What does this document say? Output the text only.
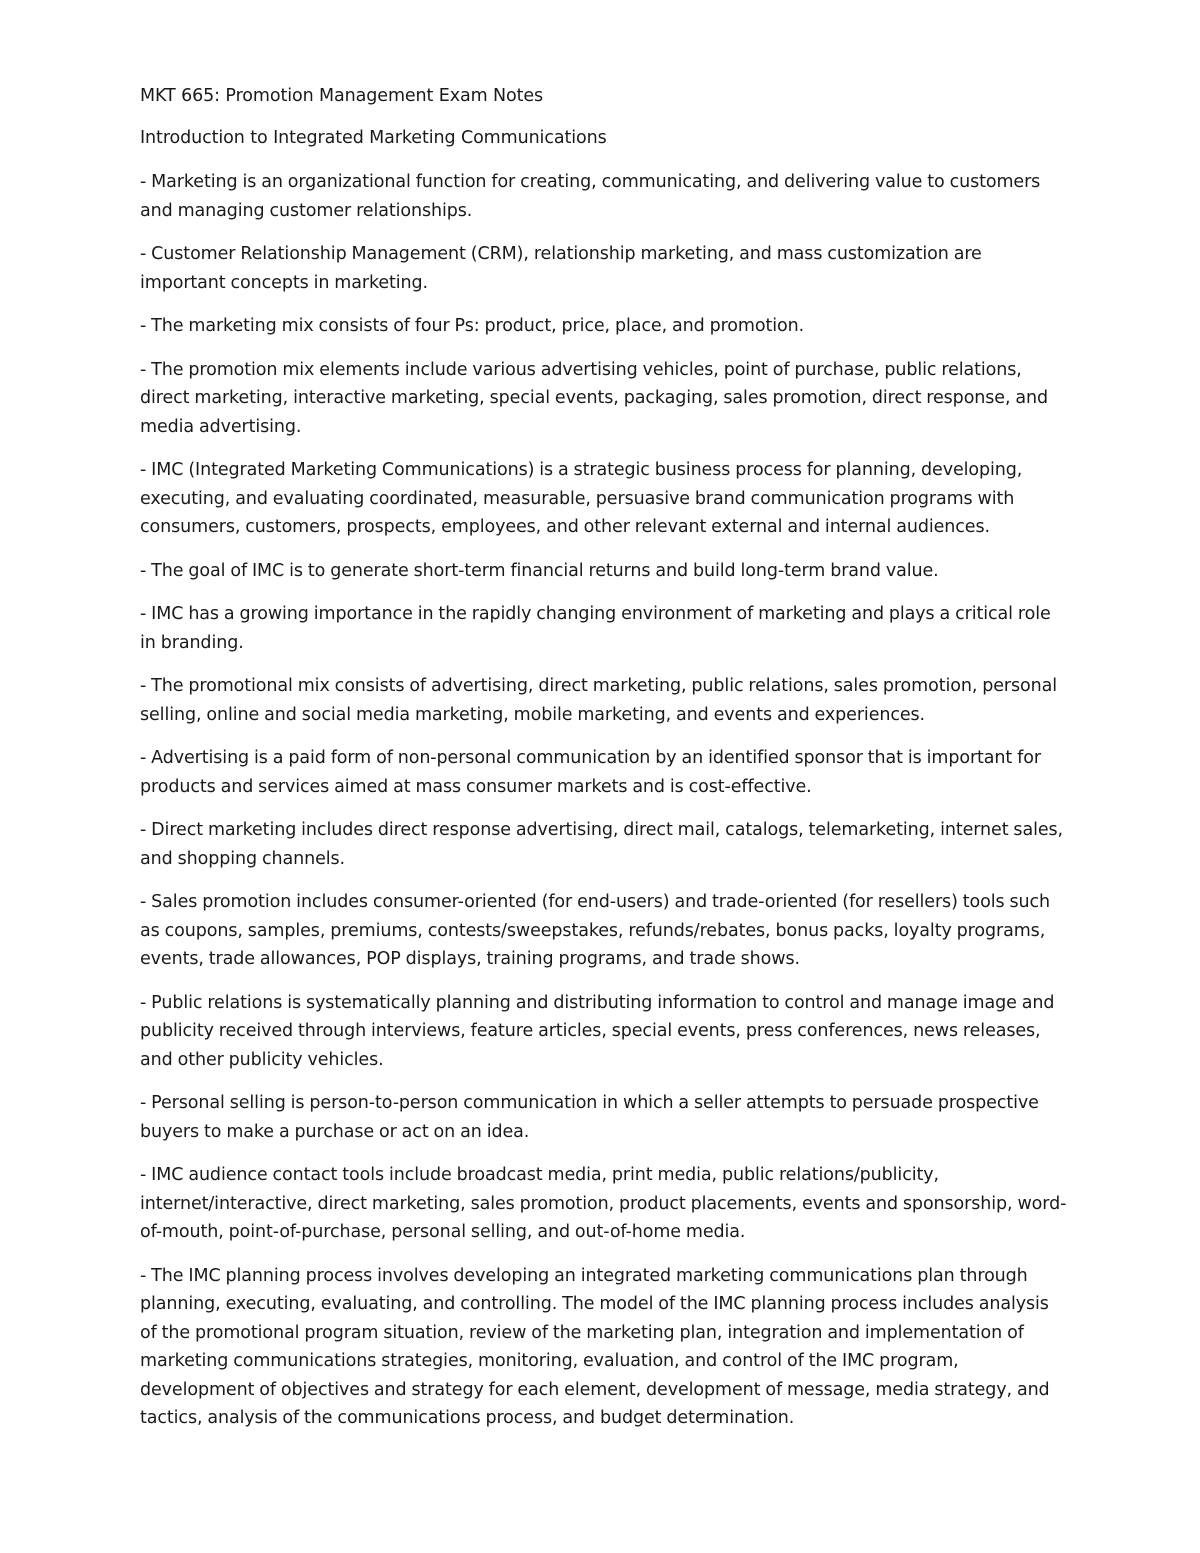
MKT 665: Promotion Management Exam Notes

Introduction to Integrated Marketing Communications

- Marketing is an organizational function for creating, communicating, and delivering value to customers and managing customer relationships.
- Customer Relationship Management (CRM), relationship marketing, and mass customization are important concepts in marketing.
- The marketing mix consists of four Ps: product, price, place, and promotion.
- The promotion mix elements include various advertising vehicles, point of purchase, public relations, direct marketing, interactive marketing, special events, packaging, sales promotion, direct response, and media advertising.
- IMC (Integrated Marketing Communications) is a strategic business process for planning, developing, executing, and evaluating coordinated, measurable, persuasive brand communication programs with consumers, customers, prospects, employees, and other relevant external and internal audiences.
- The goal of IMC is to generate short-term financial returns and build long-term brand value.
- IMC has a growing importance in the rapidly changing environment of marketing and plays a critical role in branding.
- The promotional mix consists of advertising, direct marketing, public relations, sales promotion, personal selling, online and social media marketing, mobile marketing, and events and experiences.
- Advertising is a paid form of non-personal communication by an identified sponsor that is important for products and services aimed at mass consumer markets and is cost-effective.
- Direct marketing includes direct response advertising, direct mail, catalogs, telemarketing, internet sales, and shopping channels.
- Sales promotion includes consumer-oriented (for end-users) and trade-oriented (for resellers) tools such as coupons, samples, premiums, contests/sweepstakes, refunds/rebates, bonus packs, loyalty programs, events, trade allowances, POP displays, training programs, and trade shows.
- Public relations is systematically planning and distributing information to control and manage image and publicity received through interviews, feature articles, special events, press conferences, news releases, and other publicity vehicles.
- Personal selling is person-to-person communication in which a seller attempts to persuade prospective buyers to make a purchase or act on an idea.
- IMC audience contact tools include broadcast media, print media, public relations/publicity, internet/interactive, direct marketing, sales promotion, product placements, events and sponsorship, word-of-mouth, point-of-purchase, personal selling, and out-of-home media.
- The IMC planning process involves developing an integrated marketing communications plan through planning, executing, evaluating, and controlling. The model of the IMC planning process includes analysis of the promotional program situation, review of the marketing plan, integration and implementation of marketing communications strategies, monitoring, evaluation, and control of the IMC program, development of objectives and strategy for each element, development of message, media strategy, and tactics, analysis of the communications process, and budget determination.
